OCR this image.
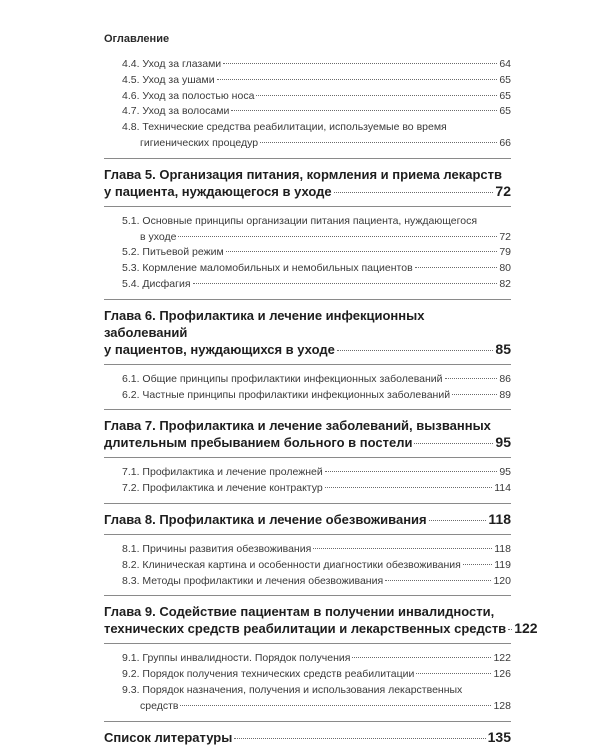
Оглавление
4.4. Уход за глазами	64
4.5. Уход за ушами	65
4.6. Уход за полостью носа	65
4.7. Уход за волосами	65
4.8. Технические средства реабилитации, используемые во время
гигиенических процедур	66
Глава 5. Организация питания, кормления и приема лекарств
у пациента, нуждающегося в уходе	72
5.1. Основные принципы организации питания пациента, нуждающегося
в уходе	72
5.2. Питьевой режим	79
5.3. Кормление маломобильных и немобильных пациентов	80
5.4. Дисфагия	82
Глава 6. Профилактика и лечение инфекционных заболеваний
у пациентов, нуждающихся в уходе	85
6.1. Общие принципы профилактики инфекционных заболеваний	86
6.2. Частные принципы профилактики инфекционных заболеваний	89
Глава 7. Профилактика и лечение заболеваний, вызванных
длительным пребыванием больного в постели	95
7.1. Профилактика и лечение пролежней	95
7.2. Профилактика и лечение контрактур	114
Глава 8. Профилактика и лечение обезвоживания	118
8.1. Причины развития обезвоживания	118
8.2. Клиническая картина и особенности диагностики обезвоживания	119
8.3. Методы профилактики и лечения обезвоживания	120
Глава 9. Содействие пациентам в получении инвалидности,
технических средств реабилитации и лекарственных средств 122
9.1. Группы инвалидности. Порядок получения	122
9.2. Порядок получения технических средств реабилитации	126
9.3. Порядок назначения, получения и использования лекарственных
средств	128
Список литературы	135
